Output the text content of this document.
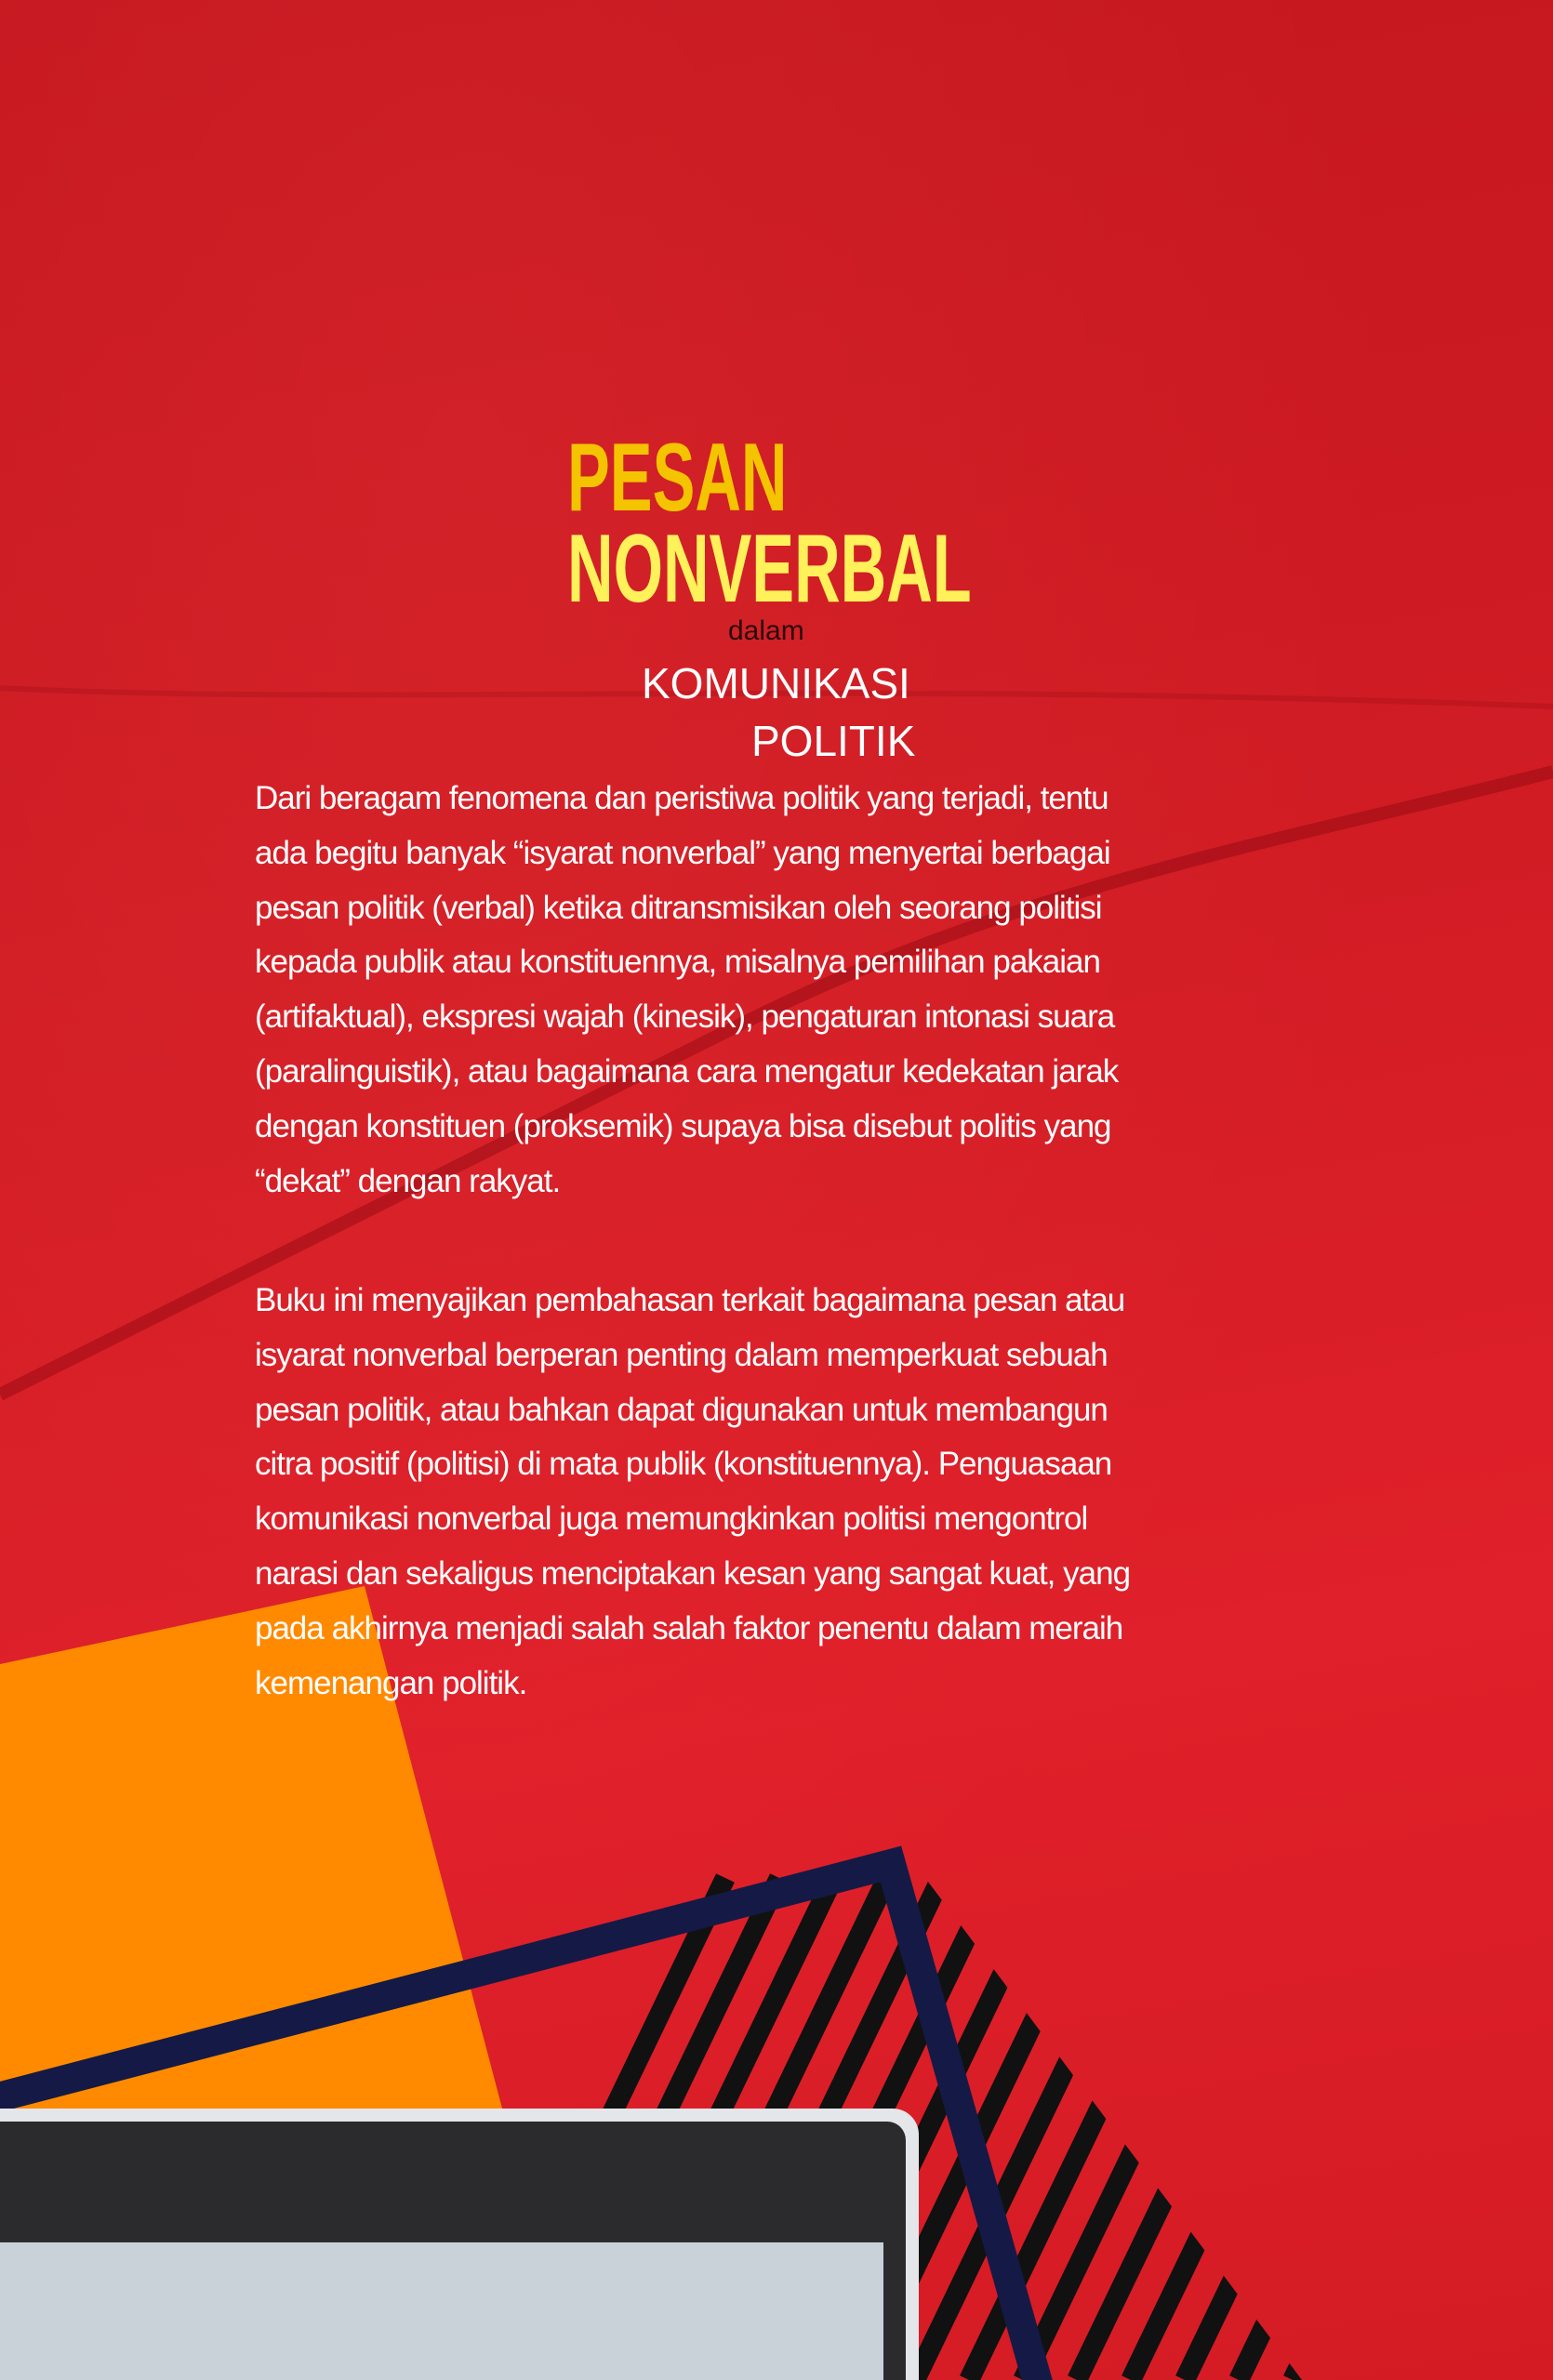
PESAN
NONVERBAL
dalam
KOMUNIKASI
POLITIK
Dari beragam fenomena dan peristiwa politik yang terjadi, tentu
ada begitu banyak “isyarat nonverbal” yang menyertai berbagai
pesan politik (verbal) ketika ditransmisikan oleh seorang politisi
kepada publik atau konstituennya, misalnya pemilihan pakaian
(artifaktual), ekspresi wajah (kinesik), pengaturan intonasi suara
(paralinguistik), atau bagaimana cara mengatur kedekatan jarak
dengan konstituen (proksemik) supaya bisa disebut politis yang
“dekat” dengan rakyat.
Buku ini menyajikan pembahasan terkait bagaimana pesan atau
isyarat nonverbal berperan penting dalam memperkuat sebuah
pesan politik, atau bahkan dapat digunakan untuk membangun
citra positif (politisi) di mata publik (konstituennya). Penguasaan
komunikasi nonverbal juga memungkinkan politisi mengontrol
narasi dan sekaligus menciptakan kesan yang sangat kuat, yang
pada akhirnya menjadi salah salah faktor penentu dalam meraih
kemenangan politik.
